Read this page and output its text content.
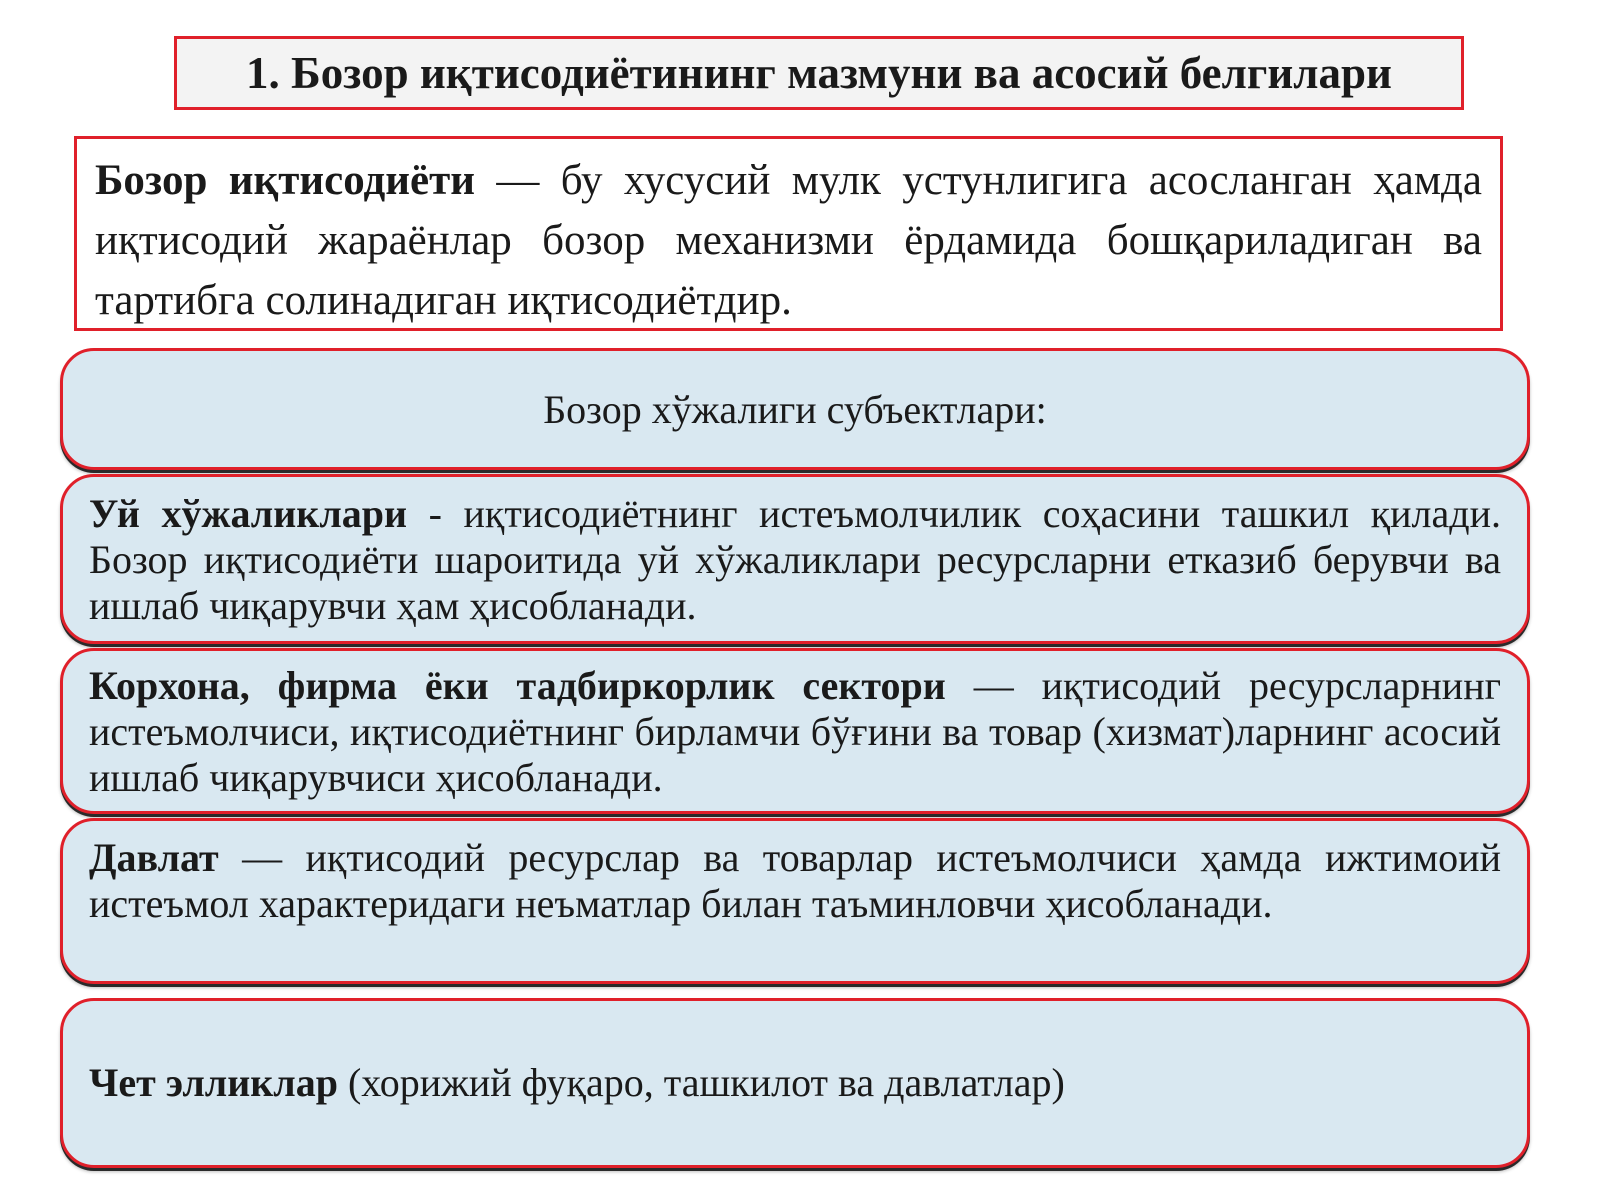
1. Бозор иқтисодиётининг мазмуни ва асосий белгилари

Бозор иқтисодиёти — бу хусусий мулк устунлигига асосланган ҳамда иқтисодий жараёнлар бозор механизми ёрдамида бошқариладиган ва тартибга солинадиган иқтисодиётдир.

Бозор хўжалиги субъектлари:

Уй хўжаликлари - иқтисодиётнинг истеъмолчилик соҳасини ташкил қилади. Бозор иқтисодиёти шароитида уй хўжаликлари ресурсларни етказиб берувчи ва ишлаб чиқарувчи ҳам ҳисобланади.

Корхона, фирма ёки тадбиркорлик сектори — иқтисодий ресурсларнинг истеъмолчиси, иқтисодиётнинг бирламчи бўғини ва товар (хизмат)ларнинг асосий ишлаб чиқарувчиси ҳисобланади.

Давлат — иқтисодий ресурслар ва товарлар истеъмолчиси ҳамда ижтимоий истеъмол характеридаги неъматлар билан таъминловчи ҳисобланади.

Чет элликлар (хорижий фуқаро, ташкилот ва давлатлар)
